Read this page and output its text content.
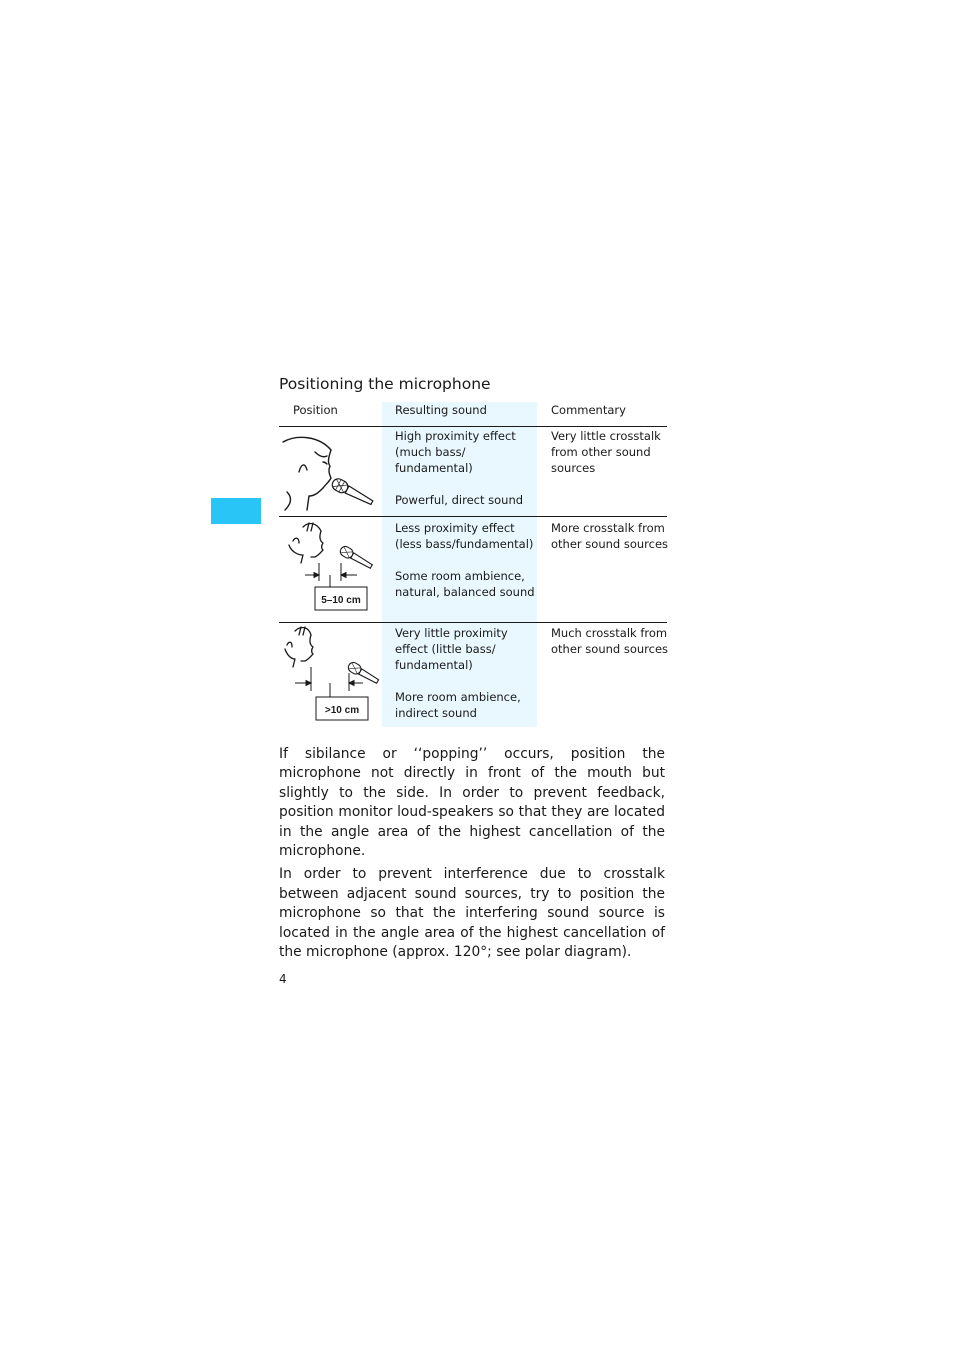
Positioning the microphone
Position	Resulting sound	Commentary

High proximity effect

(much bass/

fundamental)

Powerful, direct sound

Very little crosstalk

from other sound

sources

5–10 cm

Less proximity effect

(less bass/fundamental)

Some room ambience,

natural, balanced sound

More crosstalk from

other sound sources

>10 cm

Very little proximity

effect (little bass/

fundamental)

More room ambience,

indirect sound

Much crosstalk from

other sound sources

If sibilance or ‘‘popping’’ occurs, position the microphone not directly in front of the mouth but slightly to the side. In order to prevent feedback, position monitor loud-speakers so that they are located in the angle area of the highest cancellation of the microphone.

In order to prevent interference due to crosstalk between adjacent sound sources, try to position the microphone so that the interfering sound source is located in the angle area of the highest cancellation of the microphone (approx. 120°; see polar diagram).

4
